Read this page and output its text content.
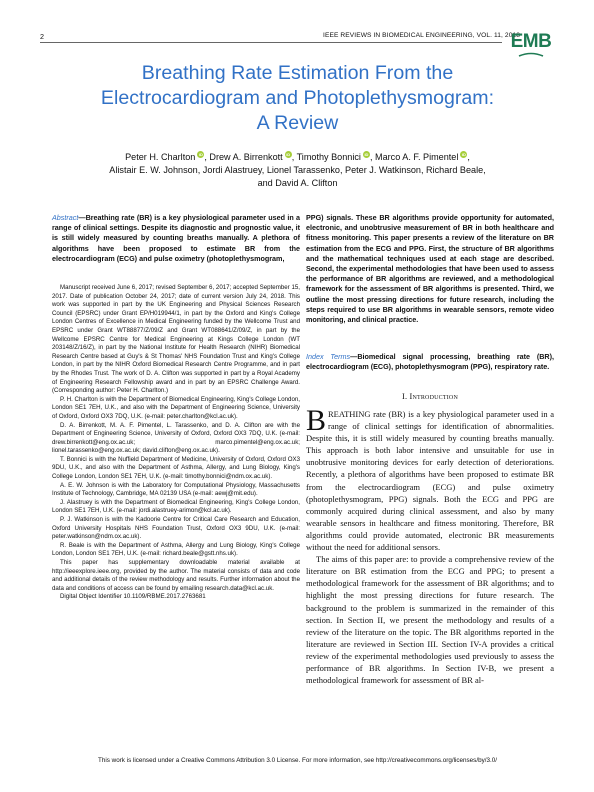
2	IEEE REVIEWS IN BIOMEDICAL ENGINEERING, VOL. 11, 2018
EMB
Breathing Rate Estimation From the
Electrocardiogram and Photoplethysmogram:
A Review
Peter H. Charlton iD , Drew A. Birrenkott iD , Timothy Bonnici iD , Marco A. F. Pimentel iD ,
Alistair E. W. Johnson, Jordi Alastruey, Lionel Tarassenko, Peter J. Watkinson, Richard Beale,
and David A. Clifton
Abstract—Breathing rate (BR) is a key physiological parameter used in a range of clinical settings. Despite its diagnostic and prognostic value, it is still widely measured by counting breaths manually. A plethora of algorithms have been proposed to estimate BR from the electrocardiogram (ECG) and pulse oximetry (photoplethysmogram,
PPG) signals. These BR algorithms provide opportunity for automated, electronic, and unobtrusive measurement of BR in both healthcare and fitness monitoring. This paper presents a review of the literature on BR estimation from the ECG and PPG. First, the structure of BR algorithms and the mathematical techniques used at each stage are described. Second, the experimental methodologies that have been used to assess the performance of BR algorithms are reviewed, and a methodological framework for the assessment of BR algorithms is presented. Third, we outline the most pressing directions for future research, including the steps required to use BR algorithms in wearable sensors, remote video monitoring, and clinical practice.
Index Terms—Biomedical signal processing, breathing rate (BR), electrocardiogram (ECG), photoplethysmogram (PPG), respiratory rate.

Manuscript received June 6, 2017; revised September 6, 2017; accepted September 15, 2017. Date of publication October 24, 2017; date of current version July 24, 2018. This work was supported in part by the UK Engineering and Physical Sciences Research Council (EPSRC) under Grant EP/H019944/1, in part by the Oxford and King's College London Centres of Excellence in Medical Engineering funded by the Wellcome Trust and EPSRC under Grant WT88877/Z/09/Z and Grant WT088641/Z/09/Z, in part by the Wellcome EPSRC Centre for Medical Engineering at Kings College London (WT 203148/Z/16/Z), in part by the National Institute for Health Research (NIHR) Biomedical Research Centre based at Guy's & St Thomas' NHS Foundation Trust and King's College London, in part by the NIHR Oxford Biomedical Research Centre Programme, and in part by the Rhodes Trust. The work of D. A. Clifton was supported in part by a Royal Academy of Engineering Research Fellowship award and in part by an EPSRC Challenge Award. (Corresponding author: Peter H. Charlton.)

P. H. Charlton is with the Department of Biomedical Engineering, King's College London, London SE1 7EH, U.K., and also with the Department of Engineering Science, University of Oxford, Oxford OX3 7DQ, U.K. (e-mail: peter.charlton@kcl.ac.uk).

D. A. Birrenkott, M. A. F. Pimentel, L. Tarassenko, and D. A. Clifton are with the Department of Engineering Science, University of Oxford, Oxford OX3 7DQ, U.K. (e-mail: drew.birrenkott@eng.ox.ac.uk; marco.pimentel@eng.ox.ac.uk; lionel.tarassenko@eng.ox.ac.uk; david.clifton@eng.ox.ac.uk).

T. Bonnici is with the Nuffield Department of Medicine, University of Oxford, Oxford OX3 9DU, U.K., and also with the Department of Asthma, Allergy, and Lung Biology, King's College London, London SE1 7EH, U.K. (e-mail: timothy.bonnici@ndm.ox.ac.uk).

A. E. W. Johnson is with the Laboratory for Computational Physiology, Massachusetts Institute of Technology, Cambridge, MA 02139 USA (e-mail: aewj@mit.edu).

J. Alastruey is with the Department of Biomedical Engineering, King's College London, London SE1 7EH, U.K. (e-mail: jordi.alastruey-arimon@kcl.ac.uk).

P. J. Watkinson is with the Kadoorie Centre for Critical Care Research and Education, Oxford University Hospitals NHS Foundation Trust, Oxford OX3 9DU, U.K. (e-mail: peter.watkinson@ndm.ox.ac.uk).

R. Beale is with the Department of Asthma, Allergy and Lung Biology, King's College London, London SE1 7EH, U.K. (e-mail: richard.beale@gstt.nhs.uk).

This paper has supplementary downloadable material available at http://ieeexplore.ieee.org, provided by the author. The material consists of data and code and additional details of the review methodology and results. Further information about the data and conditions of access can be found by emailing research.data@kcl.ac.uk.

Digital Object Identifier 10.1109/RBME.2017.2763681

I. Introduction

BREATHING rate (BR) is a key physiological parameter used in a range of clinical settings for identification of abnormalities. Despite this, it is still widely measured by counting breaths manually. This approach is both labor intensive and unsuitable for use in unobtrusive monitoring devices for early detection of deteriorations. Recently, a plethora of algorithms have been proposed to estimate BR from the electrocardiogram (ECG) and pulse oximetry (photoplethysmogram, PPG) signals. Both the ECG and PPG are commonly acquired during clinical assessment, and also by many wearable sensors in healthcare and fitness monitoring. Therefore, BR algorithms could provide automated, electronic BR measurements without the need for additional sensors.

The aims of this paper are: to provide a comprehensive review of the literature on BR estimation from the ECG and PPG; to present a methodological framework for the assessment of BR algorithms; and to highlight the most pressing directions for future research. The background to the problem is summarized in the remainder of this section. In Section II, we present the methodology and results of a review of the literature on the topic. The BR algorithms reported in the literature are reviewed in Section III. Section IV-A provides a critical review of the experimental methodologies used previously to assess the performance of BR algorithms. In Section IV-B, we present a methodological framework for assessment of BR al-

This work is licensed under a Creative Commons Attribution 3.0 License. For more information, see http://creativecommons.org/licenses/by/3.0/
